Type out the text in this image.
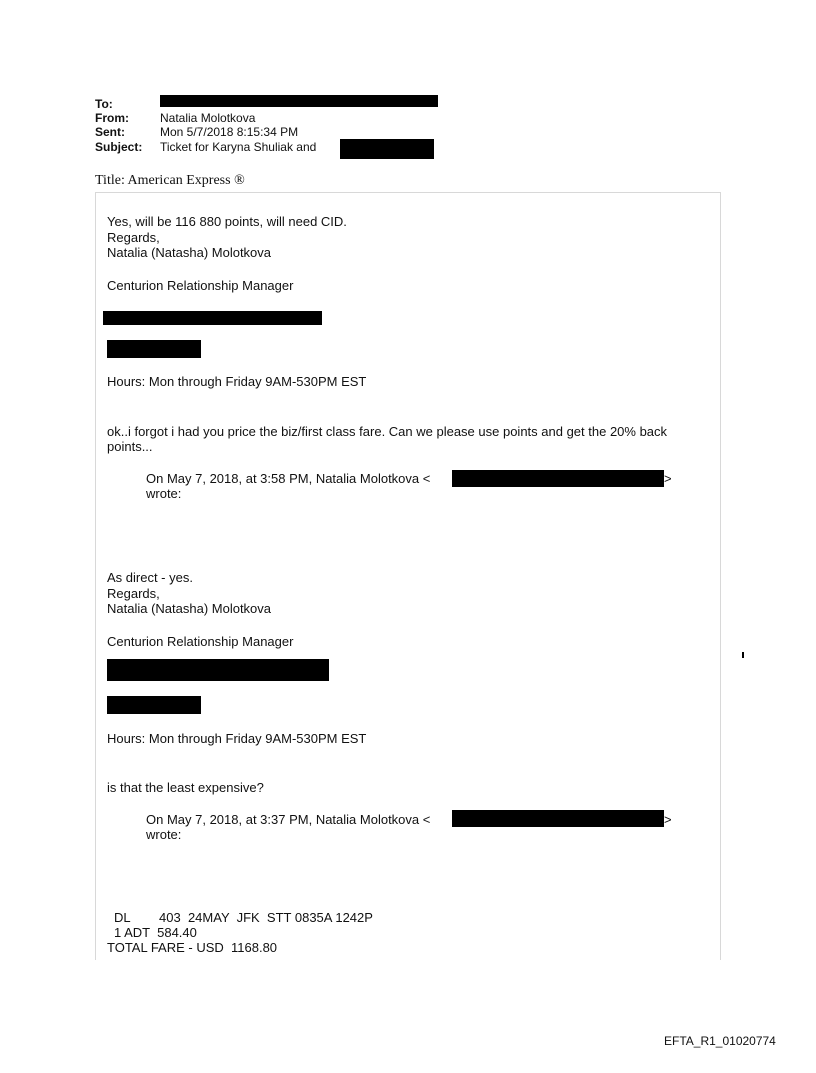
To:
From:	Natalia Molotkova
Sent:	Mon 5/7/2018 8:15:34 PM
Subject: Ticket for Karyna Shuliak and
Title: American Express ®
Yes, will be 116 880 points, will need CID.
Regards,
Natalia (Natasha) Molotkova
Centurion Relationship Manager
Hours: Mon through Friday 9AM-530PM EST
ok..i forgot i had you price the biz/first class fare. Can we please use points and get the 20% back
points...
On May 7, 2018, at 3:58 PM, Natalia Molotkova <	>
wrote:
As direct - yes.
Regards,
Natalia (Natasha) Molotkova
Centurion Relationship Manager
Hours: Mon through Friday 9AM-530PM EST
is that the least expensive?
On May 7, 2018, at 3:37 PM, Natalia Molotkova <	>
wrote:
DL        403  24MAY  JFK  STT 0835A 1242P
1 ADT  584.40
TOTAL FARE - USD  1168.80
EFTA_R1_01020774
